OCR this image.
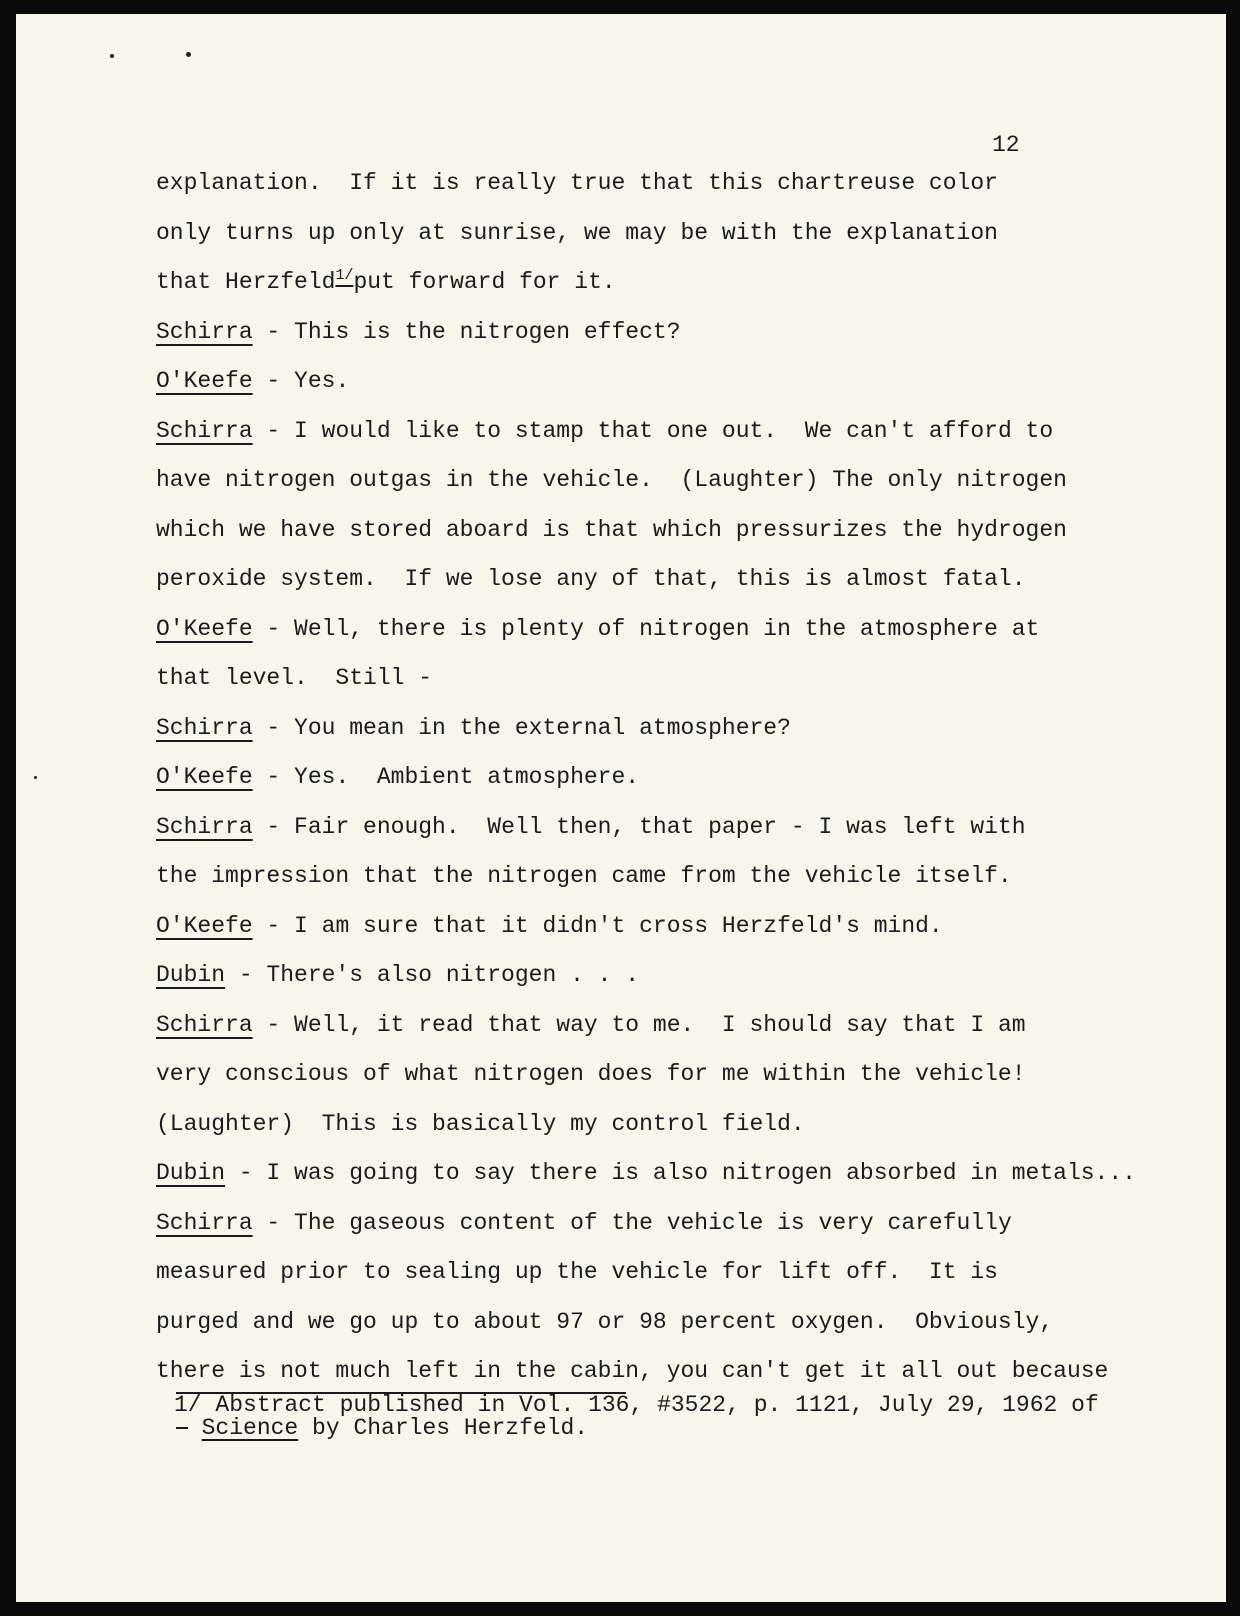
12
explanation.  If it is really true that this chartreuse color
only turns up only at sunrise, we may be with the explanation
that Herzfeld$^{1/}$put forward for it.
Schirra - This is the nitrogen effect?
O'Keefe - Yes.
Schirra - I would like to stamp that one out.  We can't afford to
have nitrogen outgas in the vehicle.  (Laughter) The only nitrogen
which we have stored aboard is that which pressurizes the hydrogen
peroxide system.  If we lose any of that, this is almost fatal.
O'Keefe - Well, there is plenty of nitrogen in the atmosphere at
that level.  Still -
Schirra - You mean in the external atmosphere?
O'Keefe - Yes.  Ambient atmosphere.
Schirra - Fair enough.  Well then, that paper - I was left with
the impression that the nitrogen came from the vehicle itself.
O'Keefe - I am sure that it didn't cross Herzfeld's mind.
Dubin - There's also nitrogen . . .
Schirra - Well, it read that way to me.  I should say that I am
very conscious of what nitrogen does for me within the vehicle!
(Laughter)  This is basically my control field.
Dubin - I was going to say there is also nitrogen absorbed in metals...
Schirra - The gaseous content of the vehicle is very carefully
measured prior to sealing up the vehicle for lift off.  It is
purged and we go up to about 97 or 98 percent oxygen.  Obviously,
there is not much left in the cabin, you can't get it all out because
1/ Abstract published in Vol. 136, #3522, p. 1121, July 29, 1962 of
Science by Charles Herzfeld.
